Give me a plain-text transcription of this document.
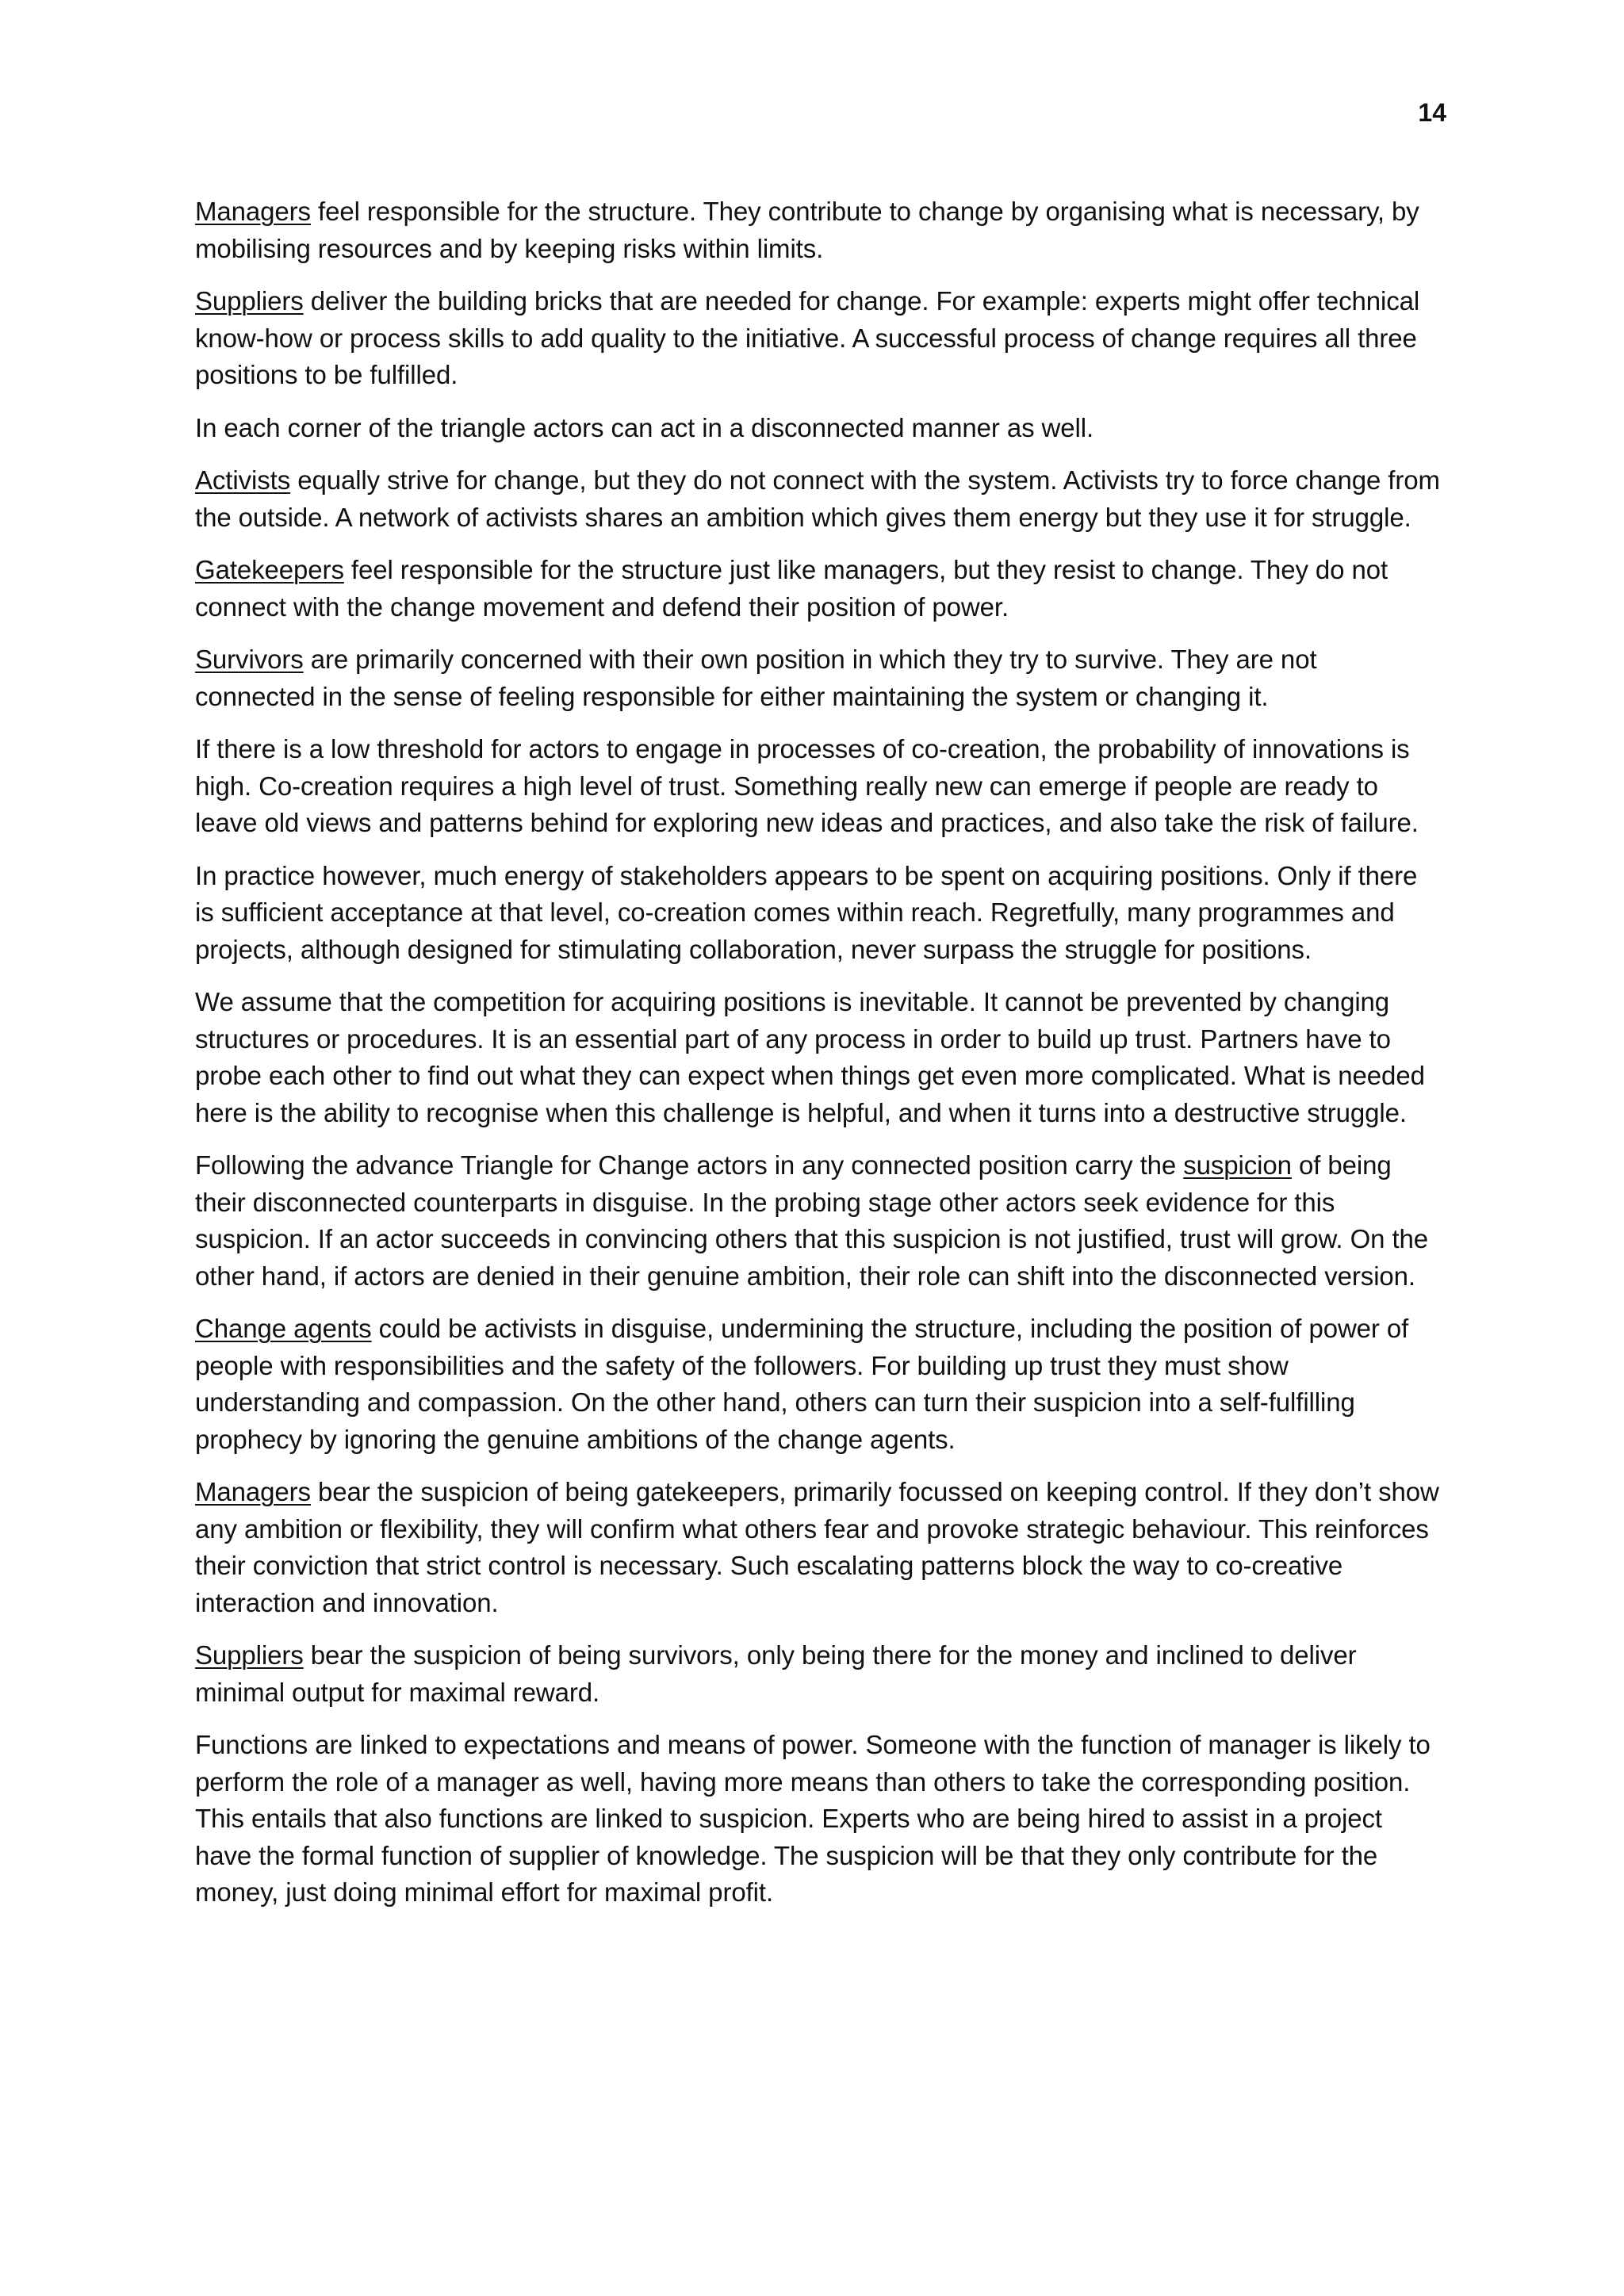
14

Managers feel responsible for the structure. They contribute to change by organising what is necessary, by mobilising resources and by keeping risks within limits.

Suppliers deliver the building bricks that are needed for change. For example: experts might offer technical know-how or process skills to add quality to the initiative. A successful process of change requires all three positions to be fulfilled.

In each corner of the triangle actors can act in a disconnected manner as well.

Activists equally strive for change, but they do not connect with the system. Activists try to force change from the outside. A network of activists shares an ambition which gives them energy but they use it for struggle.

Gatekeepers feel responsible for the structure just like managers, but they resist to change. They do not connect with the change movement and defend their position of power.

Survivors are primarily concerned with their own position in which they try to survive. They are not connected in the sense of feeling responsible for either maintaining the system or changing it.

If there is a low threshold for actors to engage in processes of co-creation, the probability of innovations is high. Co-creation requires a high level of trust. Something really new can emerge if people are ready to leave old views and patterns behind for exploring new ideas and practices, and also take the risk of failure.

In practice however, much energy of stakeholders appears to be spent on acquiring positions. Only if there is sufficient acceptance at that level, co-creation comes within reach. Regretfully, many programmes and projects, although designed for stimulating collaboration, never surpass the struggle for positions.

We assume that the competition for acquiring positions is inevitable. It cannot be prevented by changing structures or procedures. It is an essential part of any process in order to build up trust. Partners have to probe each other to find out what they can expect when things get even more complicated. What is needed here is the ability to recognise when this challenge is helpful, and when it turns into a destructive struggle.

Following the advance Triangle for Change actors in any connected position carry the suspicion of being their disconnected counterparts in disguise. In the probing stage other actors seek evidence for this suspicion. If an actor succeeds in convincing others that this suspicion is not justified, trust will grow. On the other hand, if actors are denied in their genuine ambition, their role can shift into the disconnected version.

Change agents could be activists in disguise, undermining the structure, including the position of power of people with responsibilities and the safety of the followers. For building up trust they must show understanding and compassion. On the other hand, others can turn their suspicion into a self-fulfilling prophecy by ignoring the genuine ambitions of the change agents.

Managers bear the suspicion of being gatekeepers, primarily focussed on keeping control. If they don’t show any ambition or flexibility, they will confirm what others fear and provoke strategic behaviour. This reinforces their conviction that strict control is necessary. Such escalating patterns block the way to co-creative interaction and innovation.

Suppliers bear the suspicion of being survivors, only being there for the money and inclined to deliver minimal output for maximal reward.

Functions are linked to expectations and means of power. Someone with the function of manager is likely to perform the role of a manager as well, having more means than others to take the corresponding position. This entails that also functions are linked to suspicion. Experts who are being hired to assist in a project have the formal function of supplier of knowledge. The suspicion will be that they only contribute for the money, just doing minimal effort for maximal profit.
